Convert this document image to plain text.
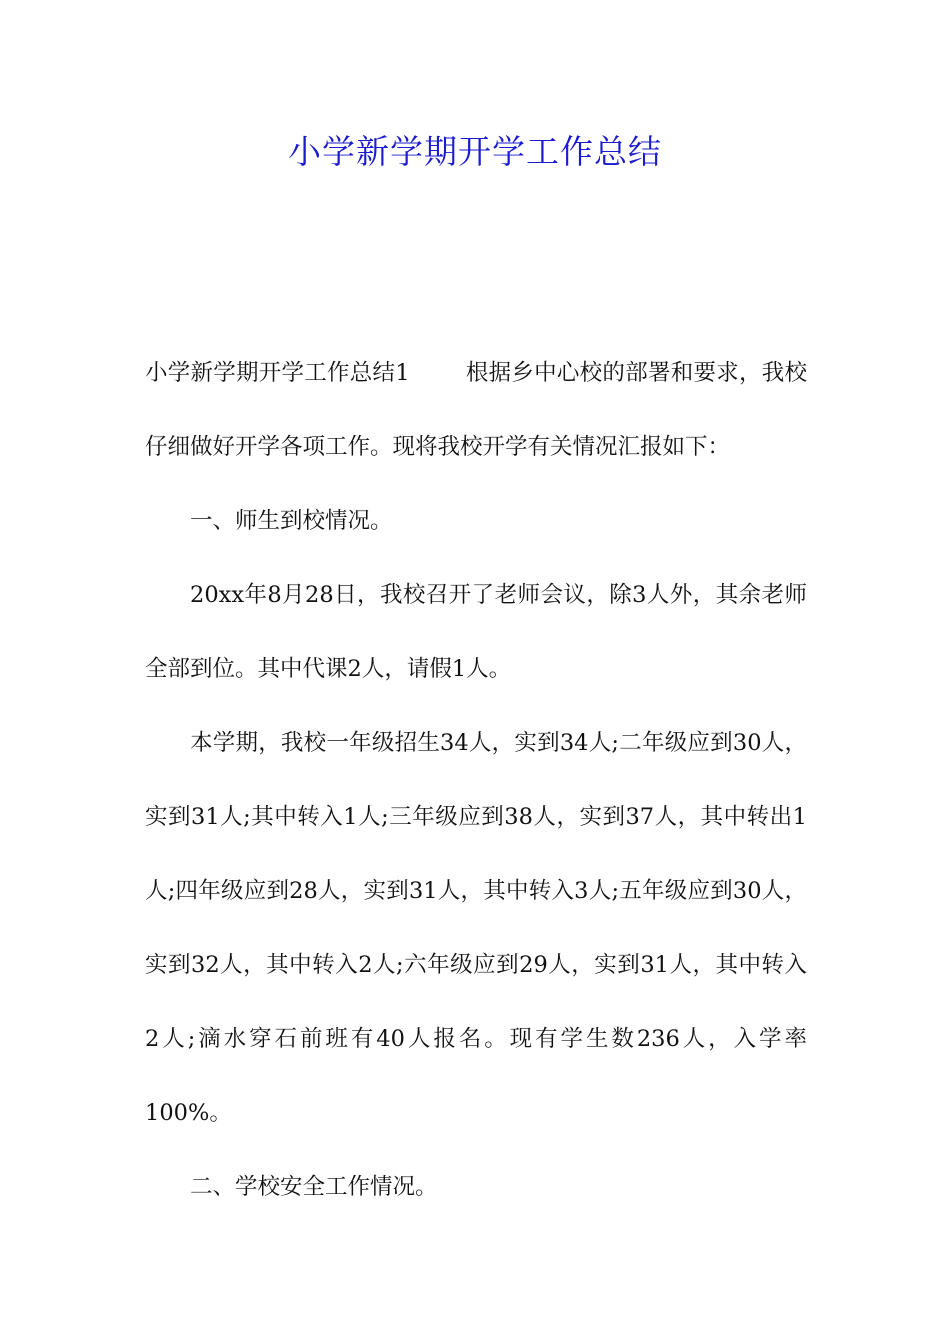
小学新学期开学工作总结

小学新学期开学工作总结1 根据乡中心校的部署和要求，我校仔细做好开学各项工作。现将我校开学有关情况汇报如下：

一、师生到校情况。

20xx年8月28日，我校召开了老师会议，除3人外，其余老师全部到位。其中代课2人，请假1人。

本学期，我校一年级招生34人，实到34人;二年级应到30人，实到31人;其中转入1人;三年级应到38人，实到37人，其中转出1人;四年级应到28人，实到31人，其中转入3人;五年级应到30人，实到32人，其中转入2人;六年级应到29人，实到31人，其中转入2人;滴水穿石前班有40人报名。现有学生数236人，入学率100%。

二、学校安全工作情况。
